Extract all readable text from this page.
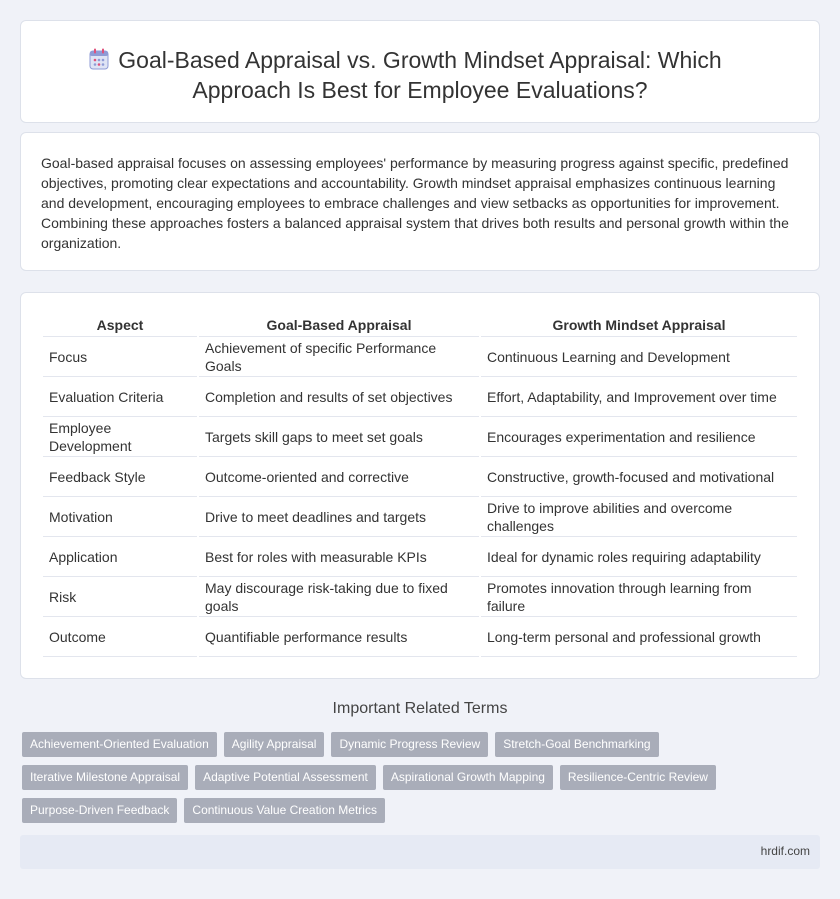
Goal-Based Appraisal vs. Growth Mindset Appraisal: Which Approach Is Best for Employee Evaluations?

Goal-based appraisal focuses on assessing employees' performance by measuring progress against specific, predefined objectives, promoting clear expectations and accountability. Growth mindset appraisal emphasizes continuous learning and development, encouraging employees to embrace challenges and view setbacks as opportunities for improvement. Combining these approaches fosters a balanced appraisal system that drives both results and personal growth within the organization.

Aspect	Goal-Based Appraisal	Growth Mindset Appraisal
Focus	Achievement of specific Performance Goals	Continuous Learning and Development
Evaluation Criteria	Completion and results of set objectives	Effort, Adaptability, and Improvement over time
Employee Development	Targets skill gaps to meet set goals	Encourages experimentation and resilience
Feedback Style	Outcome-oriented and corrective	Constructive, growth-focused and motivational
Motivation	Drive to meet deadlines and targets	Drive to improve abilities and overcome challenges
Application	Best for roles with measurable KPIs	Ideal for dynamic roles requiring adaptability
Risk	May discourage risk-taking due to fixed goals	Promotes innovation through learning from failure
Outcome	Quantifiable performance results	Long-term personal and professional growth
Important Related Terms
Achievement-Oriented Evaluation	Agility Appraisal	Dynamic Progress Review	Stretch-Goal Benchmarking
Iterative Milestone Appraisal	Adaptive Potential Assessment	Aspirational Growth Mapping	Resilience-Centric Review
Purpose-Driven Feedback	Continuous Value Creation Metrics
hrdif.com
